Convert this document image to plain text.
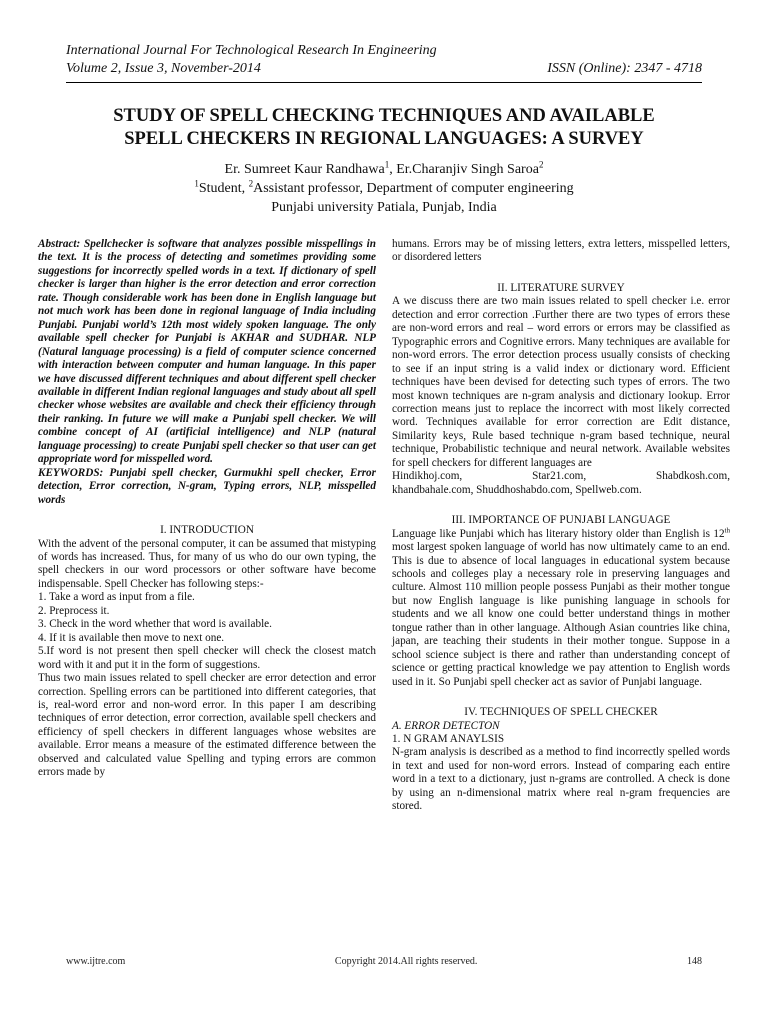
International Journal For Technological Research In Engineering
Volume 2, Issue 3, November-2014	ISSN (Online): 2347 - 4718
STUDY OF SPELL CHECKING TECHNIQUES AND AVAILABLE
SPELL CHECKERS IN REGIONAL LANGUAGES: A SURVEY
Er. Sumreet Kaur Randhawa$^1$, Er.Charanjiv Singh Saroa$^2$
$^1$Student, $^2$Assistant professor, Department of computer engineering
Punjabi university Patiala, Punjab, India

Abstract: Spellchecker is software that analyzes possible misspellings in the text. It is the process of detecting and sometimes providing some suggestions for incorrectly spelled words in a text. If dictionary of spell checker is larger than higher is the error detection and error correction rate. Though considerable work has been done in English language but not much work has been done in regional language of India including Punjabi. Punjabi world’s 12th most widely spoken language. The only available spell checker for Punjabi is AKHAR and SUDHAR. NLP (Natural language processing) is a field of computer science concerned with interaction between computer and human language. In this paper we have discussed different techniques and about different spell checker available in different Indian regional languages and study about all spell checker whose websites are available and check their efficiency through their ranking. In future we will make a Punjabi spell checker. We will combine concept of AI (artificial intelligence) and NLP (natural language processing) to create Punjabi spell checker so that user can get appropriate word for misspelled word.

KEYWORDS: Punjabi spell checker, Gurmukhi spell checker, Error detection, Error correction, N-gram, Typing errors, NLP, misspelled words

I. INTRODUCTION

With the advent of the personal computer, it can be assumed that mistyping of words has increased. Thus, for many of us who do our own typing, the spell checkers in our word processors or other software have become indispensable. Spell Checker has following steps:-

1. Take a word as input from a file.
2. Preprocess it.
3. Check in the word whether that word is available.
4. If it is available then move to next one.

5.If word is not present then spell checker will check the closest match word with it and put it in the form of suggestions.

Thus two main issues related to spell checker are error detection and error correction. Spelling errors can be partitioned into different categories, that is, real-word error and non-word error. In this paper I am describing techniques of error detection, error correction, available spell checkers and efficiency of spell checkers in different languages whose websites are available. Error means a measure of the estimated difference between the observed and calculated value Spelling and typing errors are common errors made by

humans. Errors may be of missing letters, extra letters, misspelled letters, or disordered letters

II. LITERATURE SURVEY

A we discuss there are two main issues related to spell checker i.e. error detection and error correction .Further there are two types of errors these are non-word errors and real – word errors or errors may be classified as Typographic errors and Cognitive errors. Many techniques are available for non-word errors. The error detection process usually consists of checking to see if an input string is a valid index or dictionary word. Efficient techniques have been devised for detecting such types of errors. The two most known techniques are n-gram analysis and dictionary lookup. Error correction means just to replace the incorrect with most likely corrected word. Techniques available for error correction are Edit distance, Similarity keys, Rule based technique n-gram based technique, neural technique, Probabilistic technique and neural network. Available websites for spell checkers for different languages are

Hindikhoj.com,	Star21.com,	Shabdkosh.com,
khandbahale.com, Shuddhoshabdo.com, Spellweb.com.
III. IMPORTANCE OF PUNJABI LANGUAGE

Language like Punjabi which has literary history older than English is 12th most largest spoken language of world has now ultimately came to an end. This is due to absence of local languages in educational system because schools and colleges play a necessary role in preserving languages and culture. Almost 110 million people possess Punjabi as their mother tongue but now English language is like punishing language in schools for students and we all know one could better understand things in mother tongue rather than in other language. Although Asian countries like china, japan, are teaching their students in their mother tongue. Suppose in a school science subject is there and rather than understanding concept of science or getting practical knowledge we pay attention to English words used in it. So Punjabi spell checker act as savior of Punjabi language.

IV. TECHNIQUES OF SPELL CHECKER
A. ERROR DETECTON
1. N GRAM ANAYLSIS

N-gram analysis is described as a method to find incorrectly spelled words in text and used for non-word errors. Instead of comparing each entire word in a text to a dictionary, just n-grams are controlled. A check is done by using an n-dimensional matrix where real n-gram frequencies are stored.

www.ijtre.com	Copyright 2014.All rights reserved.	148
